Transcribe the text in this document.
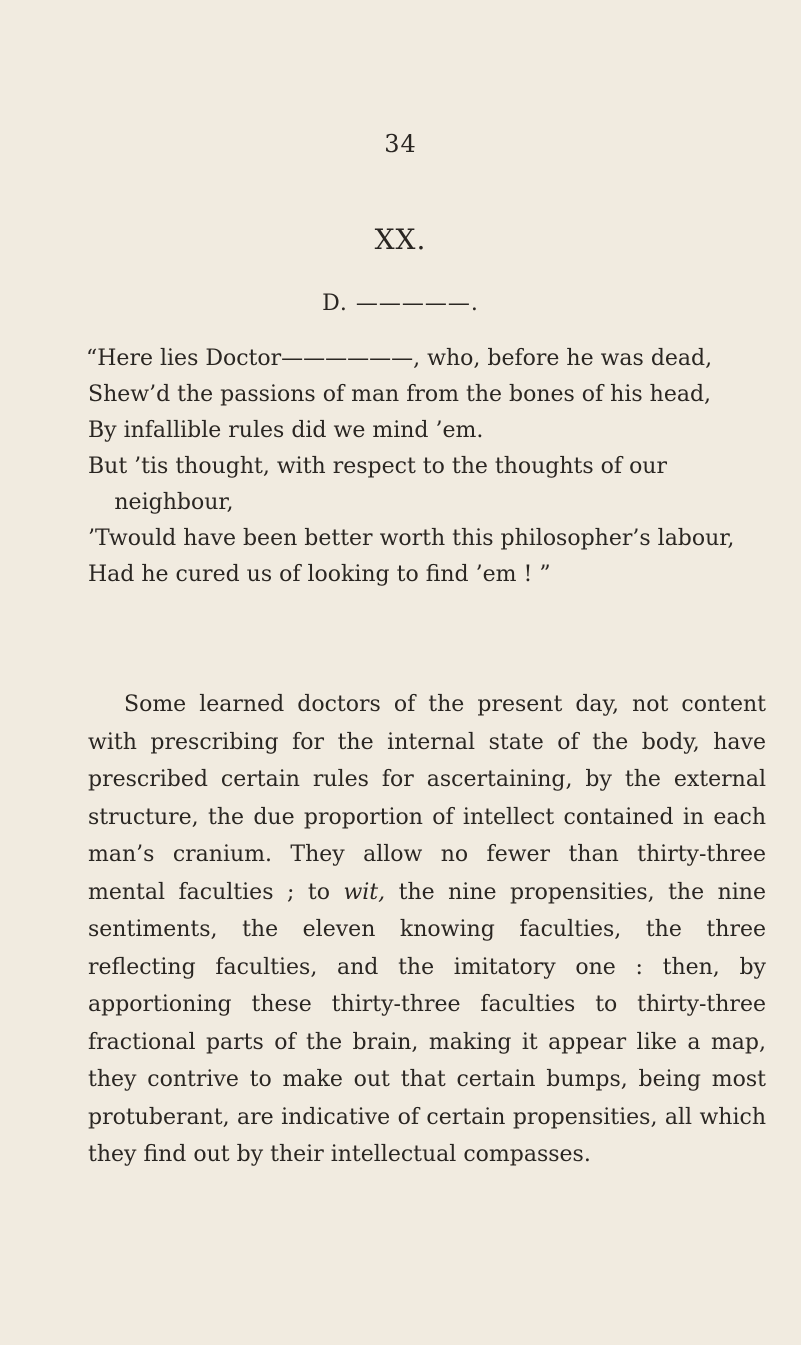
34
XX.
D. —————.
“Here lies Doctor——————, who, before he was dead,
Shew’d the passions of man from the bones of his head,
By infallible rules did we mind ’em.
But ’tis thought, with respect to the thoughts of our neighbour,
’Twould have been better worth this philosopher’s labour,
Had he cured us of looking to find ’em ! ”

Some learned doctors of the present day, not content with prescribing for the internal state of the body, have prescribed certain rules for ascertaining, by the external structure, the due proportion of intellect contained in each man’s cranium. They allow no fewer than thirty-three mental faculties ; to wit, the nine propensities, the nine sentiments, the eleven knowing faculties, the three reflecting faculties, and the imitatory one : then, by apportioning these thirty-three faculties to thirty-three fractional parts of the brain, making it appear like a map, they contrive to make out that certain bumps, being most protuberant, are indicative of certain propensities, all which they find out by their intellectual compasses.
